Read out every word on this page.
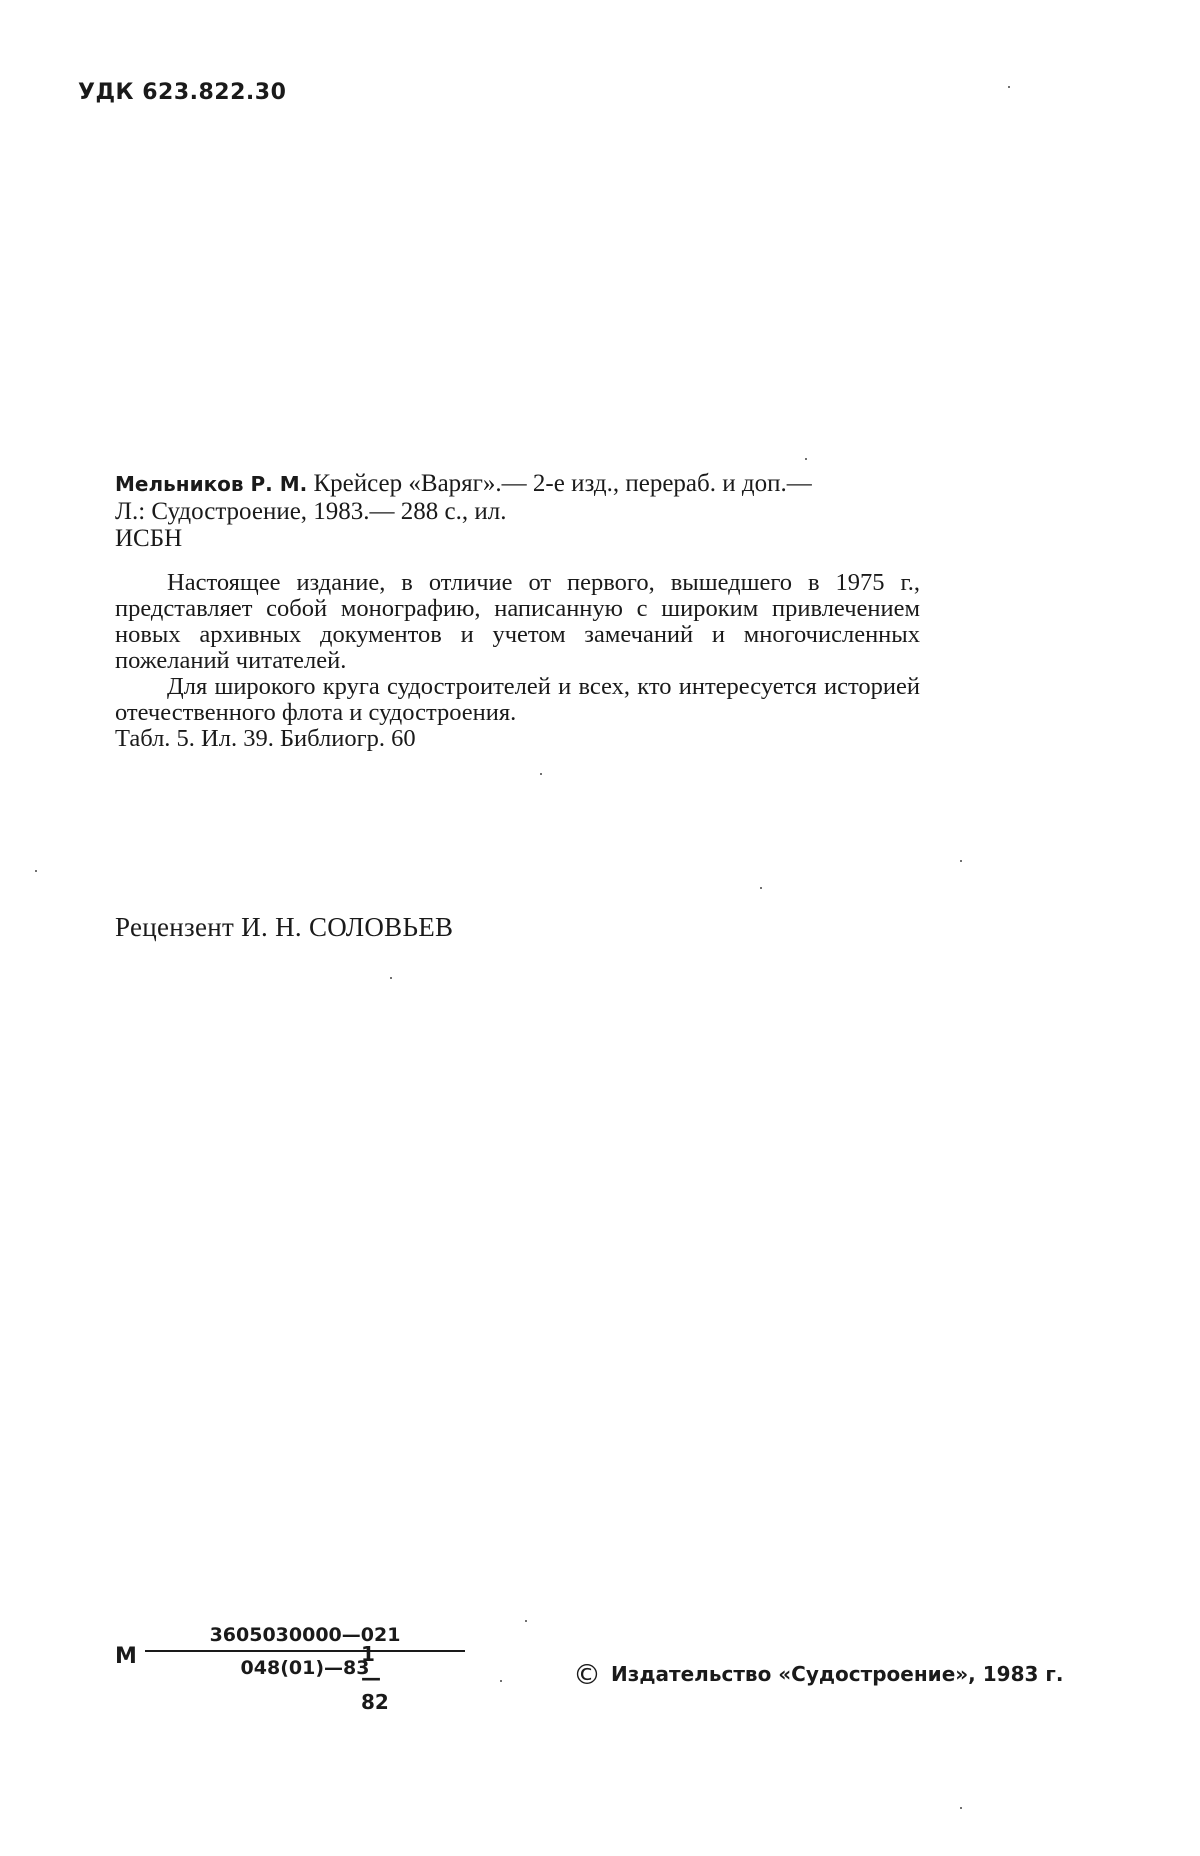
УДК 623.822.30
Мельников Р. М. Крейсер «Варяг».— 2-е изд., перераб. и доп.—
Л.: Судостроение, 1983.— 288 с., ил.
ИСБН

Настоящее издание, в отличие от первого, вышедшего в 1975 г., представляет собой монографию, написанную с широким привлечением новых архивных документов и учетом замечаний и многочисленных пожеланий читателей.

Для широкого круга судостроителей и всех, кто интересуется историей отечественного флота и судостроения.

Табл. 5. Ил. 39. Библиогр. 60

Рецензент И. Н. СОЛОВЬЕВ
М
3605030000—021
048(01)—83
1—82
© Издательство «Судостроение», 1983 г.
